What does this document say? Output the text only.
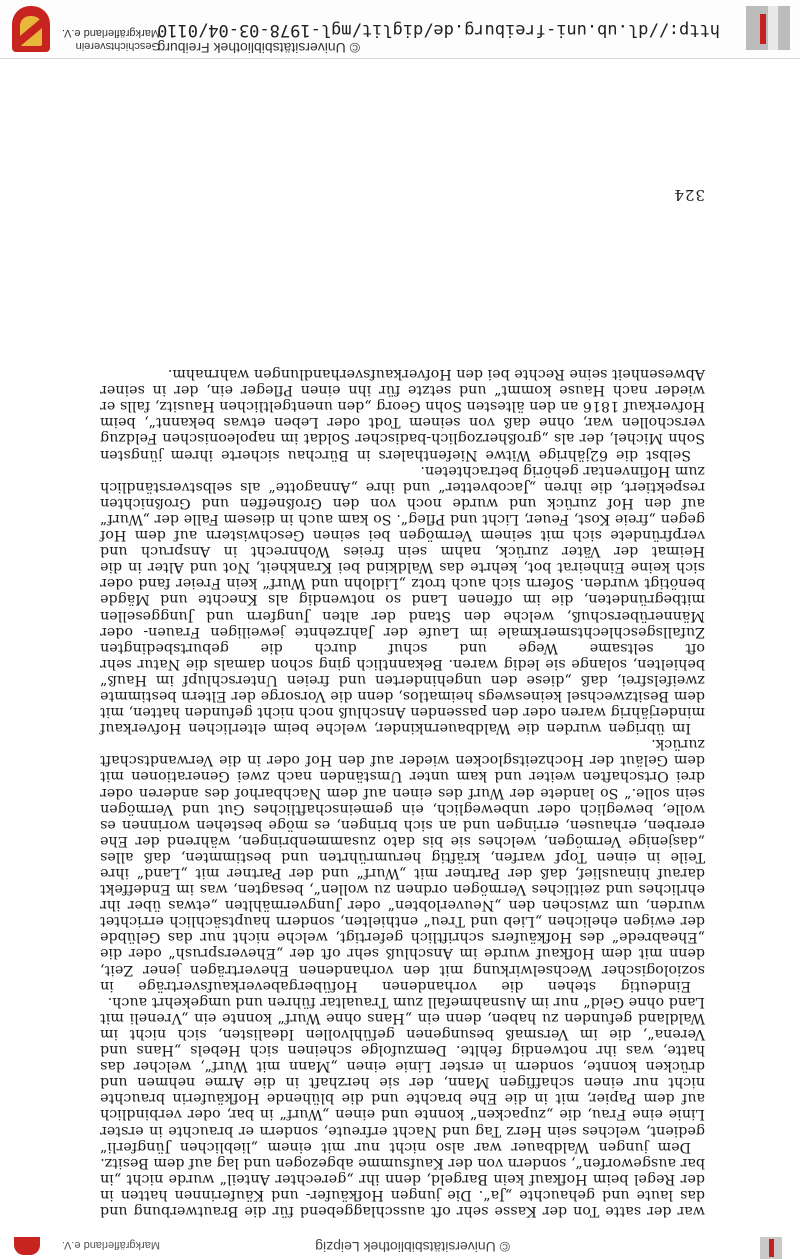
© Universitätsbibliothek Leipzig
Markgräflerland e.V.

war der satte Ton der Kasse sehr oft ausschlaggebend für die Brautwerbung und das laute und gehauchte „Ja“. Die jungen Hofkäufer- und Käuferinnen hatten in der Regel beim Hofkauf kein Bargeld, denn ihr „gerechter Anteil“ wurde nicht „in bar ausgeworfen“, sondern von der Kaufsumme abgezogen und lag auf dem Besitz.

Dem jungen Waldbauer war also nicht nur mit einem „lieblichen Jüngferli“ gedient, welches sein Herz Tag und Nacht erfreute, sondern er brauchte in erster Linie eine Frau, die „zupacken“ konnte und einen „Wurf“ in bar, oder verbindlich auf dem Papier, mit in die Ehe brachte und die blühende Hofkäuferin brauchte nicht nur einen schaffigen Mann, der sie herzhaft in die Arme nehmen und drücken konnte, sondern in erster Linie einen „Mann mit Wurf“, welcher das hatte, was ihr notwendig fehlte. Demzufolge scheinen sich Hebels „Hans und Verena“, die im Versmaß besungenen gefühlvollen Idealisten, sich nicht im Waldland gefunden zu haben, denn ein „Hans ohne Wurf“ konnte ein „Vreneli mit Land ohne Geld“ nur im Ausnahmefall zum Traualtar führen und umgekehrt auch.

Eindeutig stehen die vorhandenen Hofübergabeverkaufsverträge in soziologischer Wechselwirkung mit den vorhandenen Eheverträgen jener Zeit, denn mit dem Hofkauf wurde im Anschluß sehr oft der „Eheversprush“ oder die „Eheabrede“ des Hofkäufers schriftlich gefertigt, welche nicht nur das Gelübde der ewigen ehelichen „Lieb und Treu“ enthielten, sondern hauptsächlich errichtet wurden, um zwischen den „Neuverlobten“ oder Jungvermählten „etwas über ihr ehrliches und zeitliches Vermögen ordnen zu wollen“, besagten, was im Endeffekt darauf hinauslief, daß der Partner mit „Wurf“ und der Partner mit „Land“ ihre Teile in einen Topf warfen, kräftig herumrührten und bestimmten, daß alles „dasjenige Vermögen, welches sie bis dato zusammenbringen, während der Ehe ererben, erhausen, erringen und an sich bringen, es möge bestehen worinnen es wolle, beweglich oder unbeweglich, ein gemeinschaftliches Gut und Vermögen sein solle.“ So landete der Wurf des einen auf dem Nachbarhof des anderen oder drei Ortschaften weiter und kam unter Umständen nach zwei Generationen mit dem Geläut der Hochzeitsglocken wieder auf den Hof oder in die Verwandtschaft zurück.

Im übrigen wurden die Waldbauernkinder, welche beim elterlichen Hofverkauf minderjährig waren oder den passenden Anschluß noch nicht gefunden hatten, mit dem Besitzwechsel keineswegs heimatlos, denn die Vorsorge der Eltern bestimmte zweifelsfrei, daß „diese den ungehinderten und freien Unterschlupf im Hauß“ behielten, solange sie ledig waren. Bekanntlich ging schon damals die Natur sehr oft seltsame Wege und schuf durch die geburtsbedingten Zufallsgeschlechtsmerkmale im Laufe der Jahrzehnte jeweiligen Frauen- oder Männerüberschuß, welche den Stand der alten Jungfern und Junggesellen mitbegründeten, die im offenen Land so notwendig als Knechte und Mägde benötigt wurden. Sofern sich auch trotz „Lidlohn und Wurf“ kein Freier fand oder sich keine Einheirat bot, kehrte das Waldkind bei Krankheit, Not und Alter in die Heimat der Väter zurück, nahm sein freies Wohnrecht in Anspruch und verpfründete sich mit seinem Vermögen bei seinen Geschwistern auf dem Hof gegen „freie Kost, Feuer, Licht und Pfleg“. So kam auch in diesem Falle der „Wurf“ auf den Hof zurück und wurde noch von den Großneffen und Großnichten respektiert, die ihren „Jacobvetter“ und ihre „Annagotte“ als selbstverständlich zum Hofinventar gehörig betrachteten.

Selbst die 62jährige Witwe Niefenthalers in Bürchau sicherte ihrem jüngsten Sohn Michel, der als „großherzoglich-badischer Soldat im napoleonischen Feldzug verschollen war, ohne daß von seinem Todt oder Leben etwas bekannt“, beim Hofverkauf 1816 an den ältesten Sohn Georg „den unentgeltlichen Hausitz, falls er wieder nach Hause kommt“ und setzte für ihn einen Pfleger ein, der in seiner Abwesenheit seine Rechte bei den Hofverkaufsverhandlungen wahrnahm.

324
http://dl.ub.uni-freiburg.de/diglit/mgl-1978-03-04/0110
© Universitätsbibliothek Freiburg
Geschichtsverein Markgräflerland e.V.
